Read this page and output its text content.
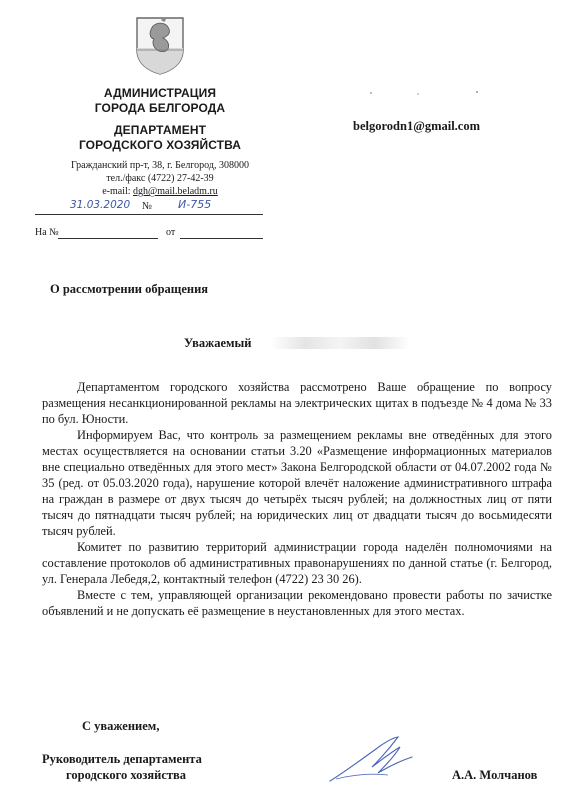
АДМИНИСТРАЦИЯ
ГОРОДА БЕЛГОРОДА
ДЕПАРТАМЕНТ
ГОРОДСКОГО ХОЗЯЙСТВА
Гражданский пр-т, 38, г. Белгород, 308000
тел./факс (4722) 27-42-39
e-mail: dgh@mail.beladm.ru
31.03.2020 № И-755
На №	от
belgorodn1@gmail.com
О рассмотрении обращения
Уважаемый

Департаментом городского хозяйства рассмотрено Ваше обращение по вопросу размещения несанкционированной рекламы на электрических щитах в подъезде № 4 дома № 33 по бул. Юности.

Информируем Вас, что контроль за размещением рекламы вне отведённых для этого местах осуществляется на основании статьи 3.20 «Размещение информационных материалов вне специально отведённых для этого мест» Закона Белгородской области от 04.07.2002 года № 35 (ред. от 05.03.2020 года), нарушение которой влечёт наложение административного штрафа на граждан в размере от двух тысяч до четырёх тысяч рублей; на должностных лиц от пяти тысяч до пятнадцати тысяч рублей; на юридических лиц от двадцати тысяч до восьмидесяти тысяч рублей.

Комитет по развитию территорий администрации города наделён полномочиями на составление протоколов об административных правонарушениях по данной статье (г. Белгород, ул. Генерала Лебедя,2, контактный телефон (4722) 23 30 26).

Вместе с тем, управляющей организации рекомендовано провести работы по зачистке объявлений и не допускать её размещение в неустановленных для этого местах.

С уважением,
Руководитель департамента
городского хозяйства	А.А. Молчанов
